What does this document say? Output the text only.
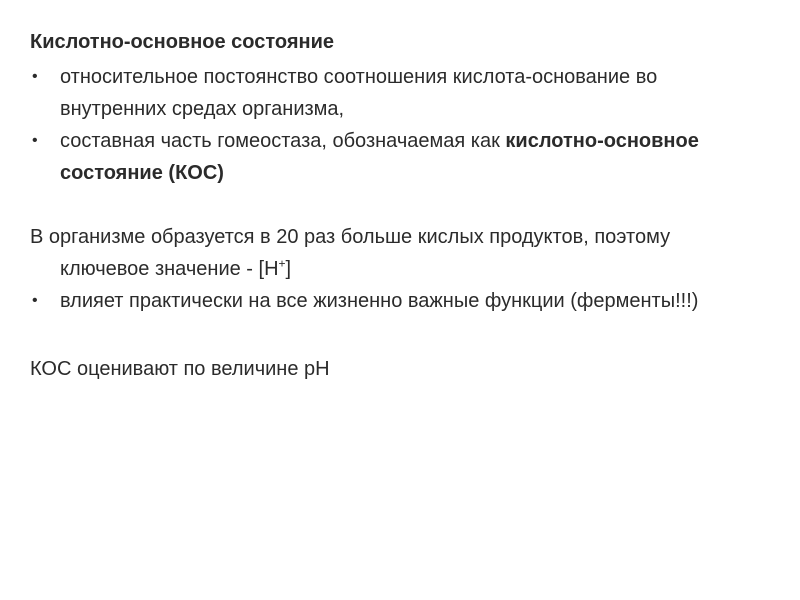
Кислотно-основное состояние
• относительное постоянство соотношения кислота-основание во внутренних средах организма,
• составная часть гомеостаза, обозначаемая как кислотно-основное состояние (КОС)
В организме образуется в 20 раз больше кислых продуктов, поэтому ключевое значение - [H+]
• влияет практически на все жизненно важные функции (ферменты!!!)
КОС оценивают по величине рН
